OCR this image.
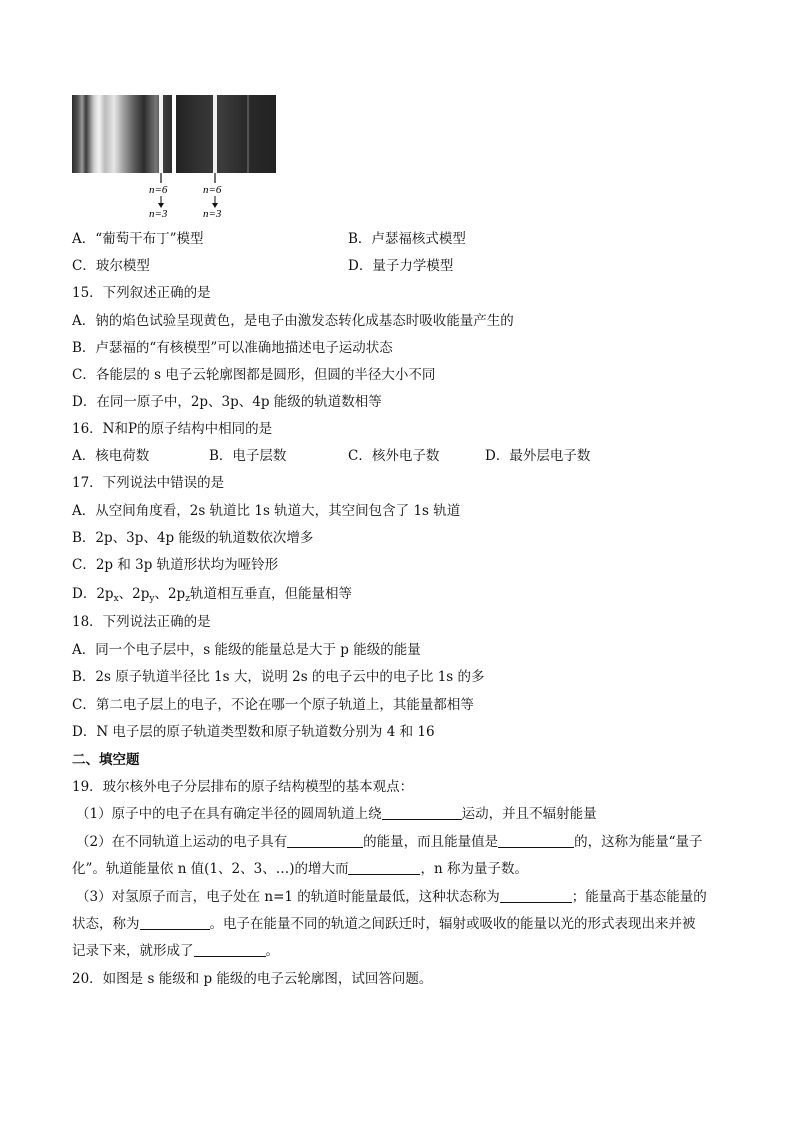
n=6
n=3
n=6
n=3
A．“葡萄干布丁”模型	B．卢瑟福核式模型
C．玻尔模型	D．量子力学模型
15．下列叙述正确的是
A．钠的焰色试验呈现黄色，是电子由激发态转化成基态时吸收能量产生的
B．卢瑟福的“有核模型”可以准确地描述电子运动状态
C．各能层的 s 电子云轮廓图都是圆形，但圆的半径大小不同
D．在同一原子中，2p、3p、4p 能级的轨道数相等
16．N和P的原子结构中相同的是
A．核电荷数	B．电子层数	C．核外电子数	D．最外层电子数
17．下列说法中错误的是
A．从空间角度看，2s 轨道比 1s 轨道大，其空间包含了 1s 轨道
B．2p、3p、4p 能级的轨道数依次增多
C．2p 和 3p 轨道形状均为哑铃形
D．$2p_x$、$2p_y$、$2p_z$轨道相互垂直，但能量相等
18．下列说法正确的是
A．同一个电子层中，s 能级的能量总是大于 p 能级的能量
B．2s 原子轨道半径比 1s 大，说明 2s 的电子云中的电子比 1s 的多
C．第二电子层上的电子，不论在哪一个原子轨道上，其能量都相等
D．N 电子层的原子轨道类型数和原子轨道数分别为 4 和 16
二、填空题
19．玻尔核外电子分层排布的原子结构模型的基本观点：
（1）原子中的电子在具有确定半径的圆周轨道上绕	运动，并且不辐射能量
（2）在不同轨道上运动的电子具有	的能量，而且能量值是	的，这称为能量“量子
化”。轨道能量依 n 值(1、2、3、…)的增大而	，n 称为量子数。
（3）对氢原子而言，电子处在 n=1 的轨道时能量最低，这种状态称为	；能量高于基态能量的
状态，称为	。电子在能量不同的轨道之间跃迁时，辐射或吸收的能量以光的形式表现出来并被
记录下来，就形成了	。
20．如图是 s 能级和 p 能级的电子云轮廓图，试回答问题。
